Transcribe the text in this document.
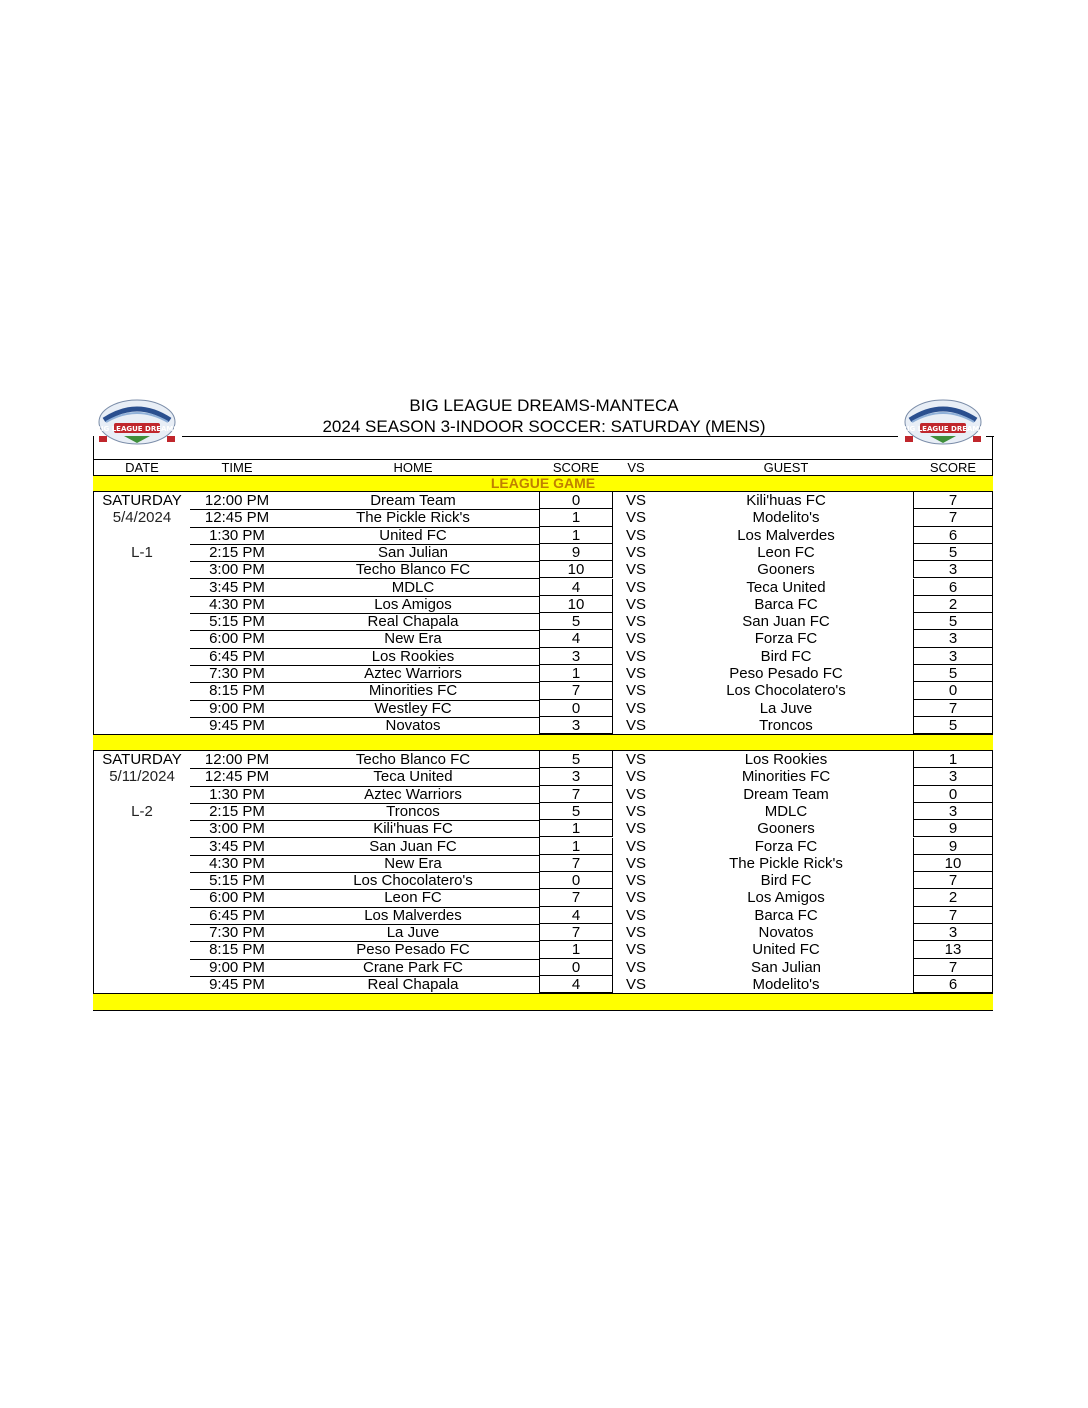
BIG LEAGUE DREAMS	BIG LEAGUE DREAMS
BIG LEAGUE DREAMS-MANTECA
2024 SEASON 3-INDOOR SOCCER: SATURDAY (MENS)
DATE	TIME	HOME	SCORE	VS	GUEST	SCORE
LEAGUE GAME
SATURDAY
5/4/2024
L-1
12:00 PM	Dream Team	0	VS	Kili'huas FC	7
12:45 PM	The Pickle Rick's	1	VS	Modelito's	7
1:30 PM	United FC	1	VS	Los Malverdes	6
2:15 PM	San Julian	9	VS	Leon FC	5
3:00 PM	Techo Blanco FC	10	VS	Gooners	3
3:45 PM	MDLC	4	VS	Teca United	6
4:30 PM	Los Amigos	10	VS	Barca FC	2
5:15 PM	Real Chapala	5	VS	San Juan FC	5
6:00 PM	New Era	4	VS	Forza FC	3
6:45 PM	Los Rookies	3	VS	Bird FC	3
7:30 PM	Aztec Warriors	1	VS	Peso Pesado FC	5
8:15 PM	Minorities FC	7	VS	Los Chocolatero's	0
9:00 PM	Westley FC	0	VS	La Juve	7
9:45 PM	Novatos	3	VS	Troncos	5
SATURDAY
5/11/2024
L-2
12:00 PM	Techo Blanco FC	5	VS	Los Rookies	1
12:45 PM	Teca United	3	VS	Minorities FC	3
1:30 PM	Aztec Warriors	7	VS	Dream Team	0
2:15 PM	Troncos	5	VS	MDLC	3
3:00 PM	Kili'huas FC	1	VS	Gooners	9
3:45 PM	San Juan FC	1	VS	Forza FC	9
4:30 PM	New Era	7	VS	The Pickle Rick's	10
5:15 PM	Los Chocolatero's	0	VS	Bird FC	7
6:00 PM	Leon FC	7	VS	Los Amigos	2
6:45 PM	Los Malverdes	4	VS	Barca FC	7
7:30 PM	La Juve	7	VS	Novatos	3
8:15 PM	Peso Pesado FC	1	VS	United FC	13
9:00 PM	Crane Park FC	0	VS	San Julian	7
9:45 PM	Real Chapala	4	VS	Modelito's	6
